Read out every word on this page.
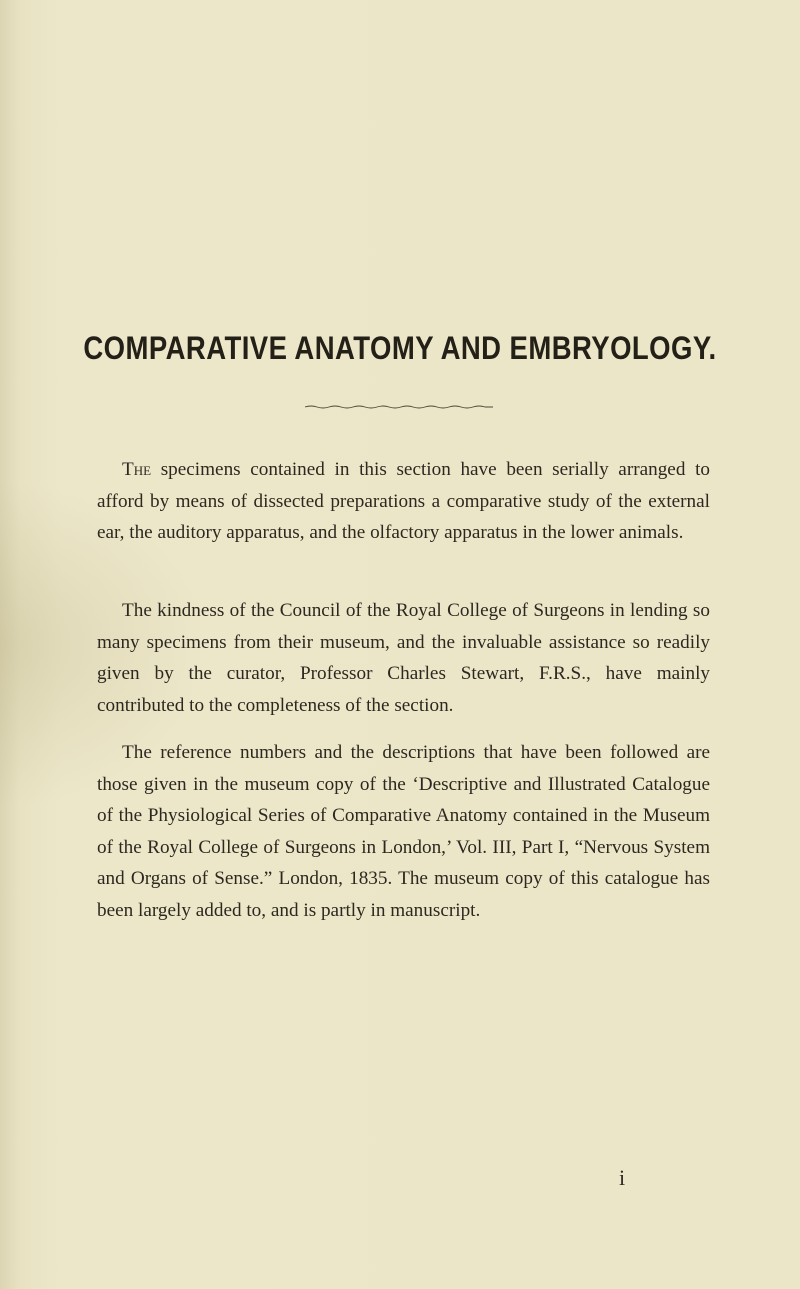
COMPARATIVE ANATOMY AND EMBRYOLOGY.

The specimens contained in this section have been serially arranged to afford by means of dissected preparations a comparative study of the external ear, the auditory apparatus, and the olfactory apparatus in the lower animals.

The kindness of the Council of the Royal College of Surgeons in lending so many specimens from their museum, and the invaluable assistance so readily given by the curator, Professor Charles Stewart, F.R.S., have mainly contributed to the completeness of the section.

The reference numbers and the descriptions that have been followed are those given in the museum copy of the ‘Descriptive and Illustrated Catalogue of the Physiological Series of Comparative Anatomy contained in the Museum of the Royal College of Surgeons in London,’ Vol. III, Part I, “Nervous System and Organs of Sense.” London, 1835. The museum copy of this catalogue has been largely added to, and is partly in manuscript.

i
